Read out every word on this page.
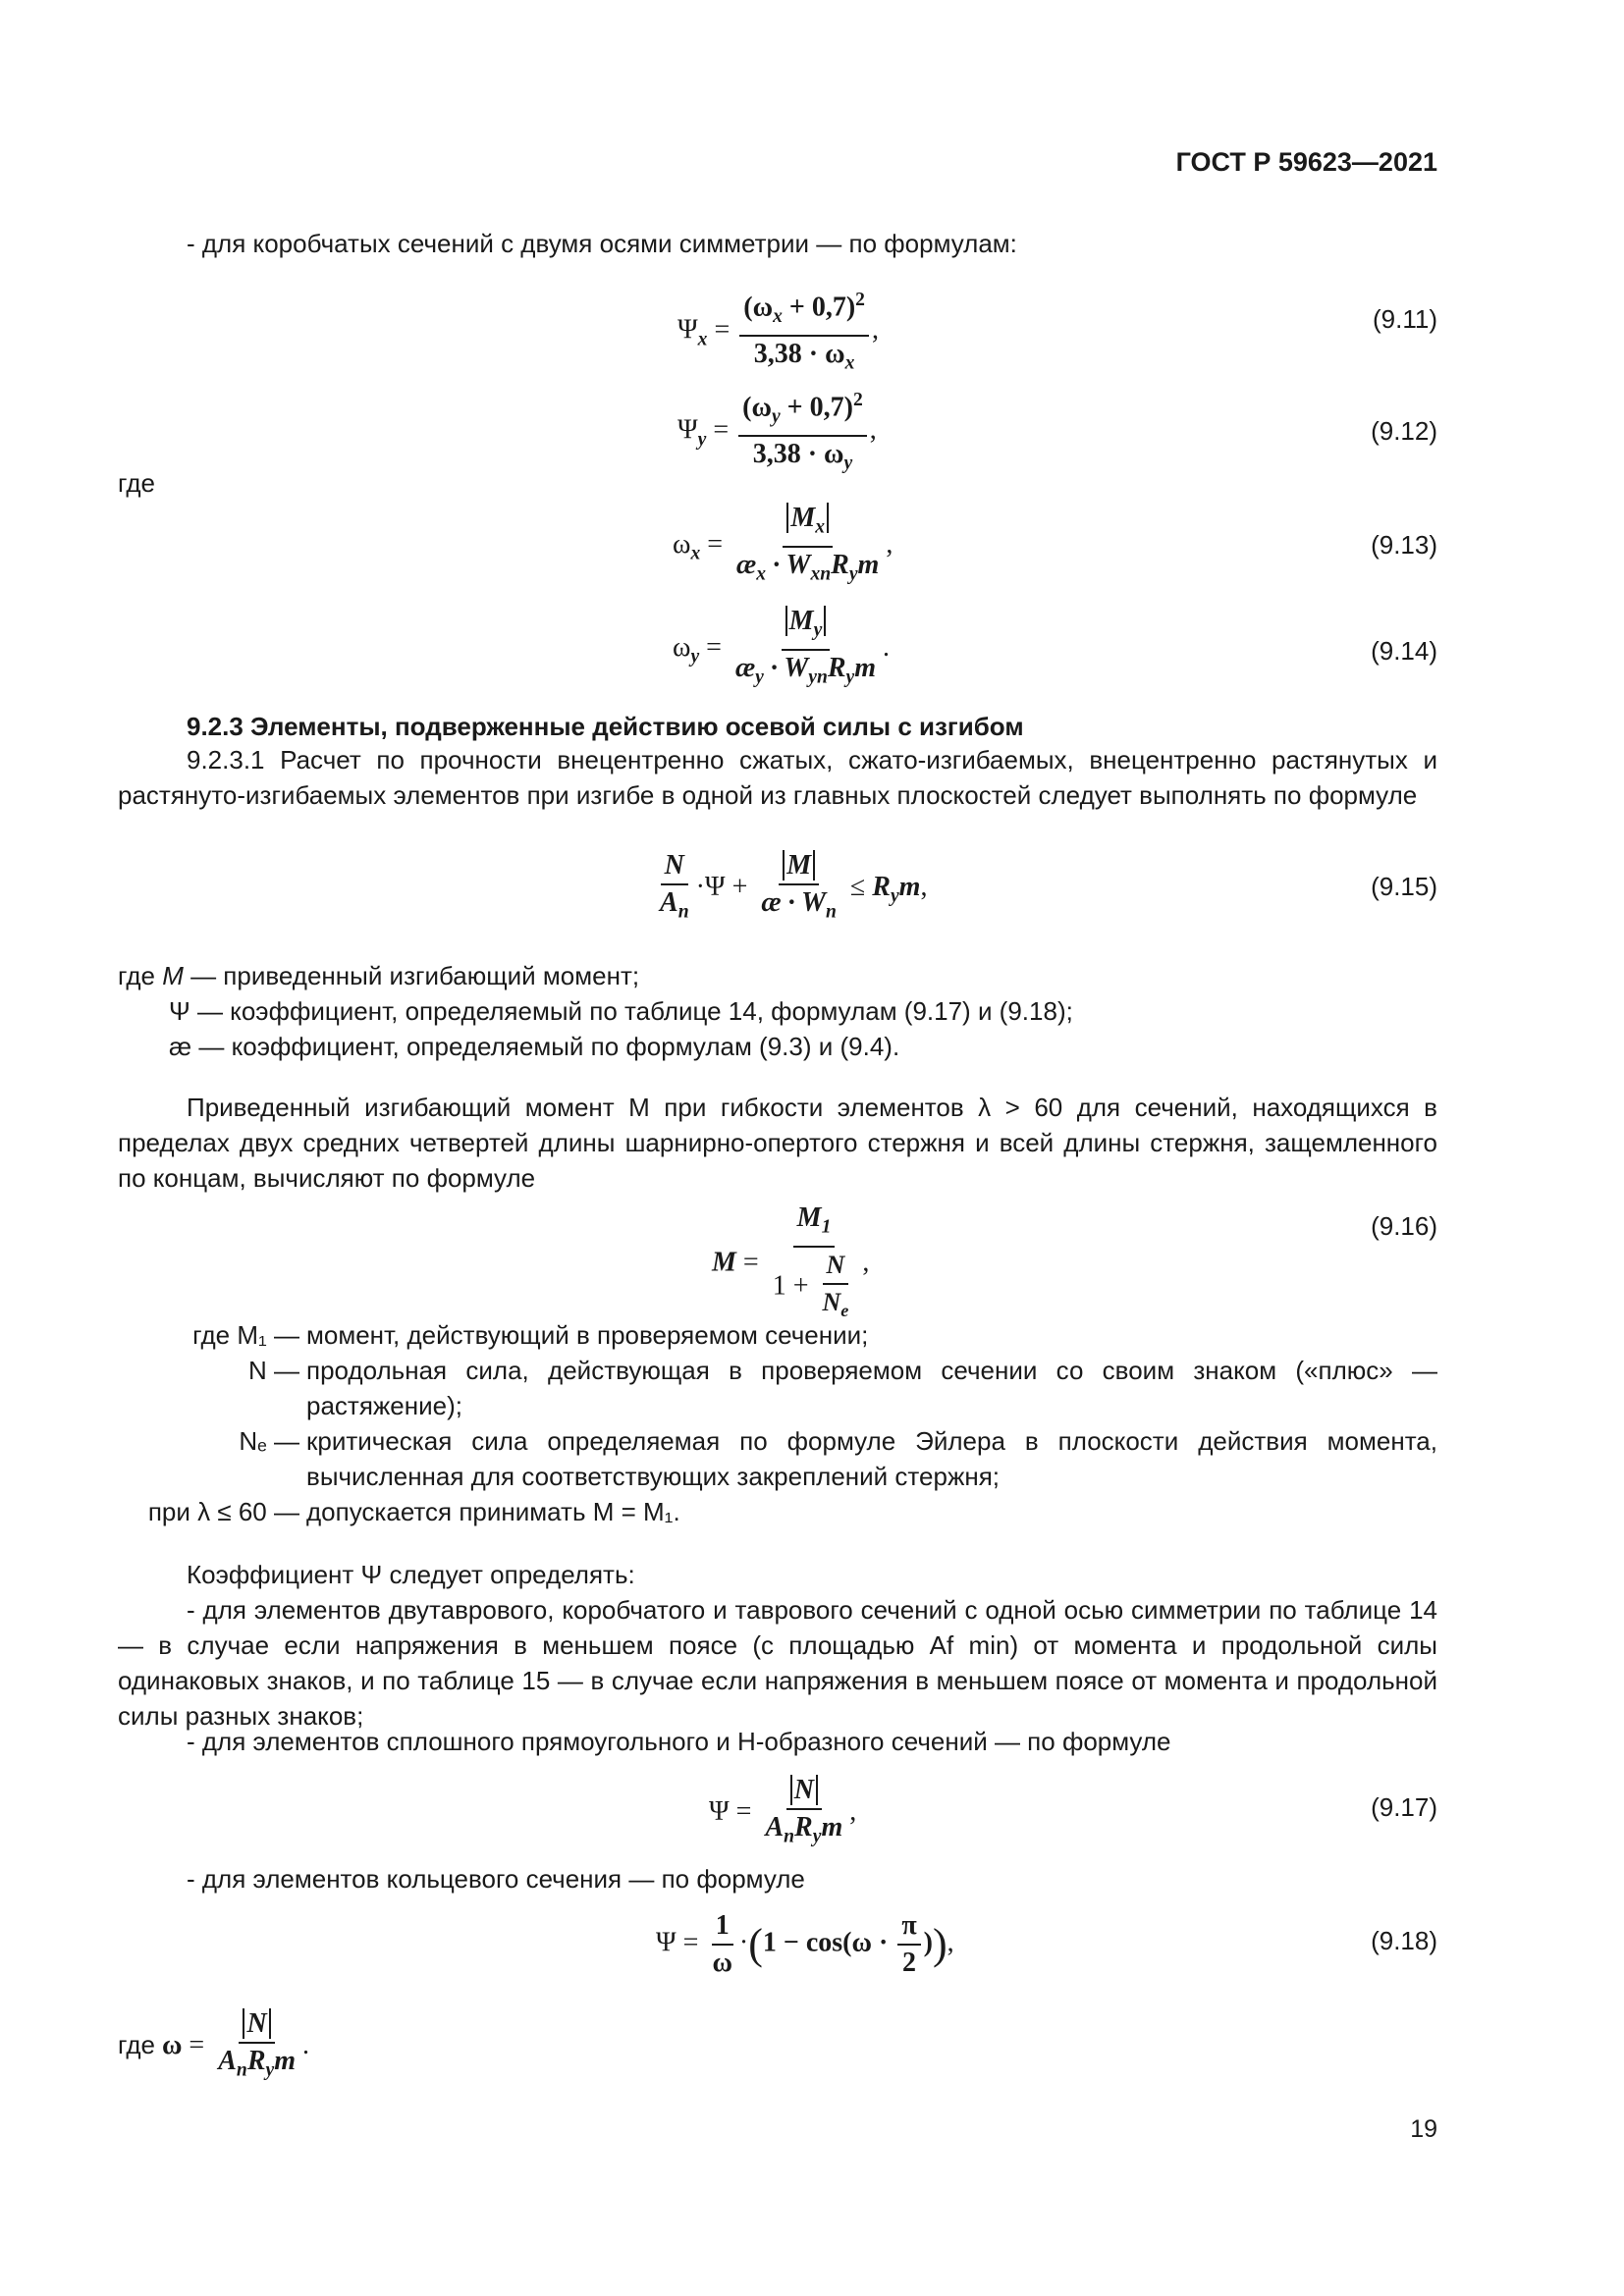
ГОСТ Р 59623—2021
- для коробчатых сечений с двумя осями симметрии — по формулам:
$\Psi_x = \frac{(\omega_x + 0,7)^2}{3,38 \cdot \omega_x}$ ,	(9.11)
$\Psi_y = \frac{(\omega_y + 0,7)^2}{3,38 \cdot \omega_y}$ ,	(9.12)
где
$\omega_x = \frac{M_x}{æ_x \cdot W_{xn}R_ym}$ ,	(9.13)
$\omega_y = \frac{M_y}{æ_y \cdot W_{yn}R_ym}$ .	(9.14)
9.2.3 Элементы, подверженные действию осевой силы с изгибом
9.2.3.1 Расчет по прочности внецентренно сжатых, сжато-изгибаемых, внецентренно растянутых и растянуто-изгибаемых элементов при изгибе в одной из главных плоскостей следует выполнять по формуле
$\frac{N}{A_n} \cdot\Psi + \frac{M}{æ \cdot W_n} \le R_ym$,	(9.15)
где M — приведенный изгибающий момент;
Ψ — коэффициент, определяемый по таблице 14, формулам (9.17) и (9.18);
æ — коэффициент, определяемый по формулам (9.3) и (9.4).
Приведенный изгибающий момент M при гибкости элементов λ > 60 для сечений, находящихся в пределах двух средних четвертей длины шарнирно-опертого стержня и всей длины стержня, защемленного по концам, вычисляют по формуле
$M = \frac{M_1}{1 + \frac{N}{N_e}}$ ,
(9.16)
где M₁ — момент, действующий в проверяемом сечении;
N — продольная сила, действующая в проверяемом сечении со своим знаком («плюс» — растяжение);
Nₑ — критическая сила определяемая по формуле Эйлера в плоскости действия момента, вычисленная для соответствующих закреплений стержня;
при λ ≤ 60 — допускается принимать M = M₁.
Коэффициент Ψ следует определять:
- для элементов двутаврового, коробчатого и таврового сечений с одной осью симметрии по таблице 14 — в случае если напряжения в меньшем поясе (с площадью Af min) от момента и продольной силы одинаковых знаков, и по таблице 15 — в случае если напряжения в меньшем поясе от момента и продольной силы разных знаков;
- для элементов сплошного прямоугольного и Н-образного сечений — по формуле
$\Psi = \frac{N}{A_nR_ym}$ ,	(9.17)
- для элементов кольцевого сечения — по формуле
$\Psi = \frac{1}{\omega} \cdot(1 - \cos(\omega \cdot \frac{\pi}{2}$ )),	(9.18)
где $\omega = \frac{N}{A_nR_ym}$ .
19
